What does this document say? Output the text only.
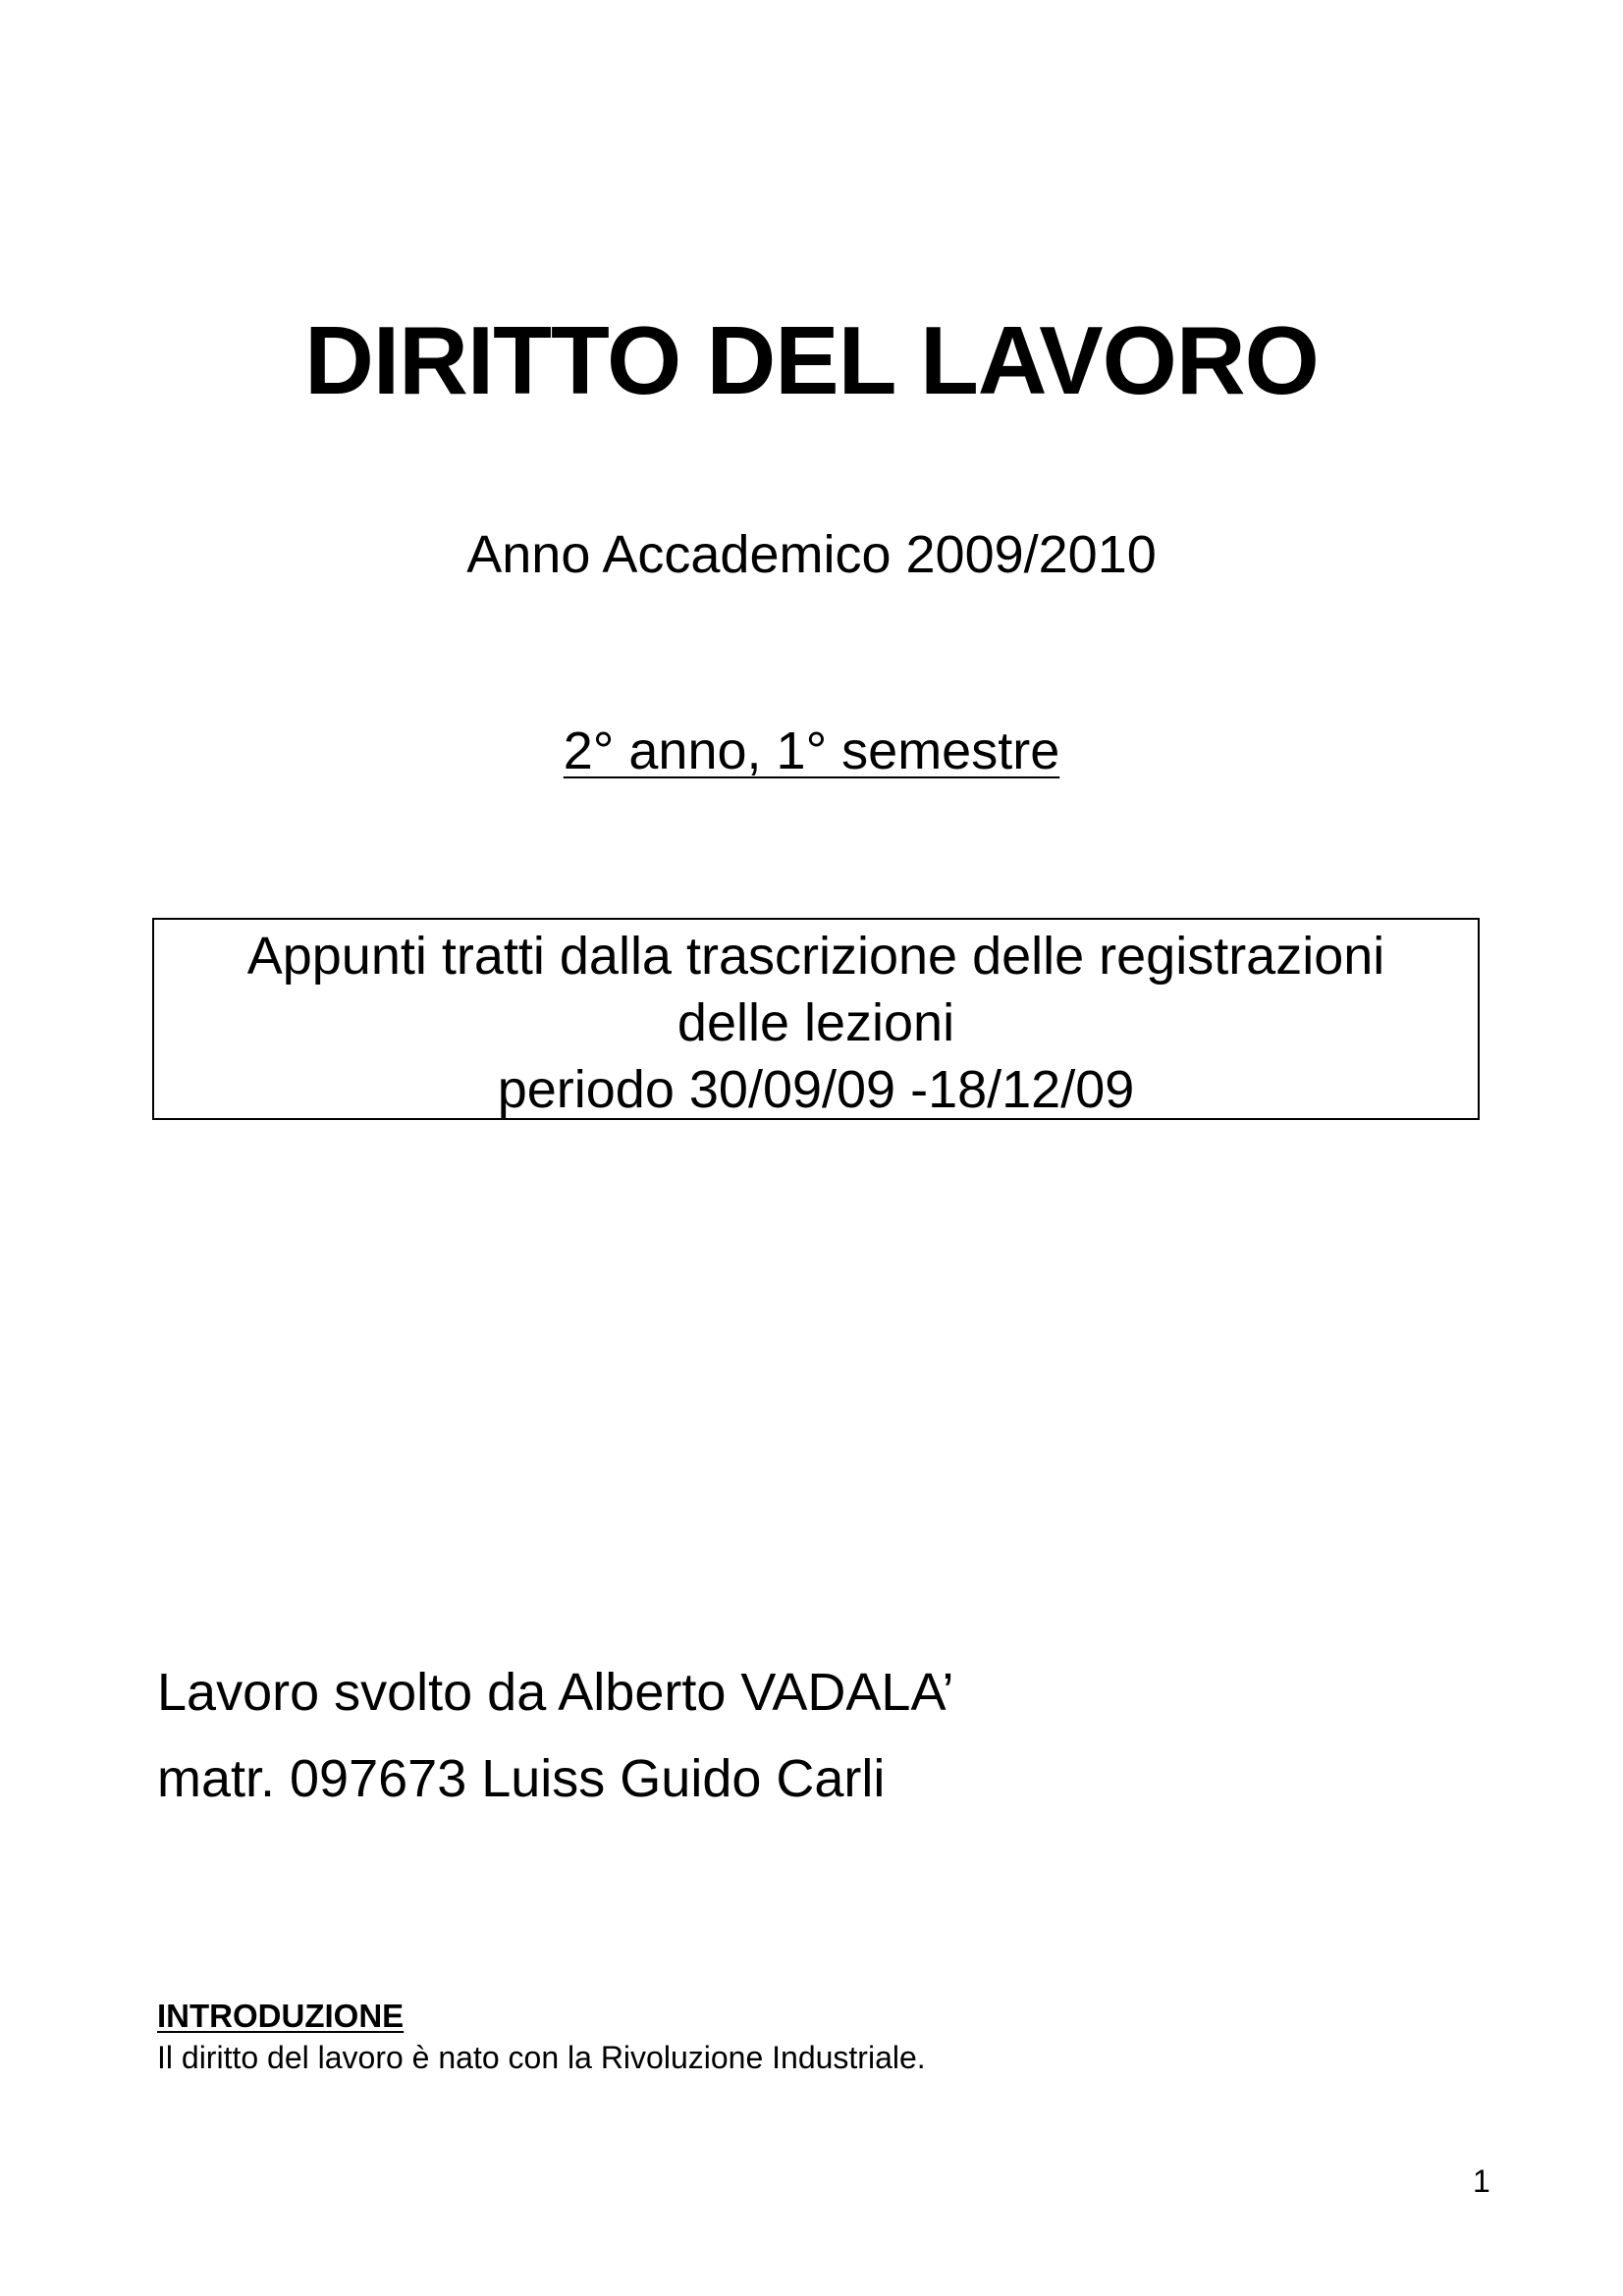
DIRITTO DEL LAVORO
Anno Accademico 2009/2010
2° anno, 1° semestre
Appunti tratti dalla trascrizione delle registrazioni
delle lezioni
periodo 30/09/09 -18/12/09
Lavoro svolto da Alberto VADALA’
matr. 097673 Luiss Guido Carli
INTRODUZIONE
Il diritto del lavoro è nato con la Rivoluzione Industriale.
1
